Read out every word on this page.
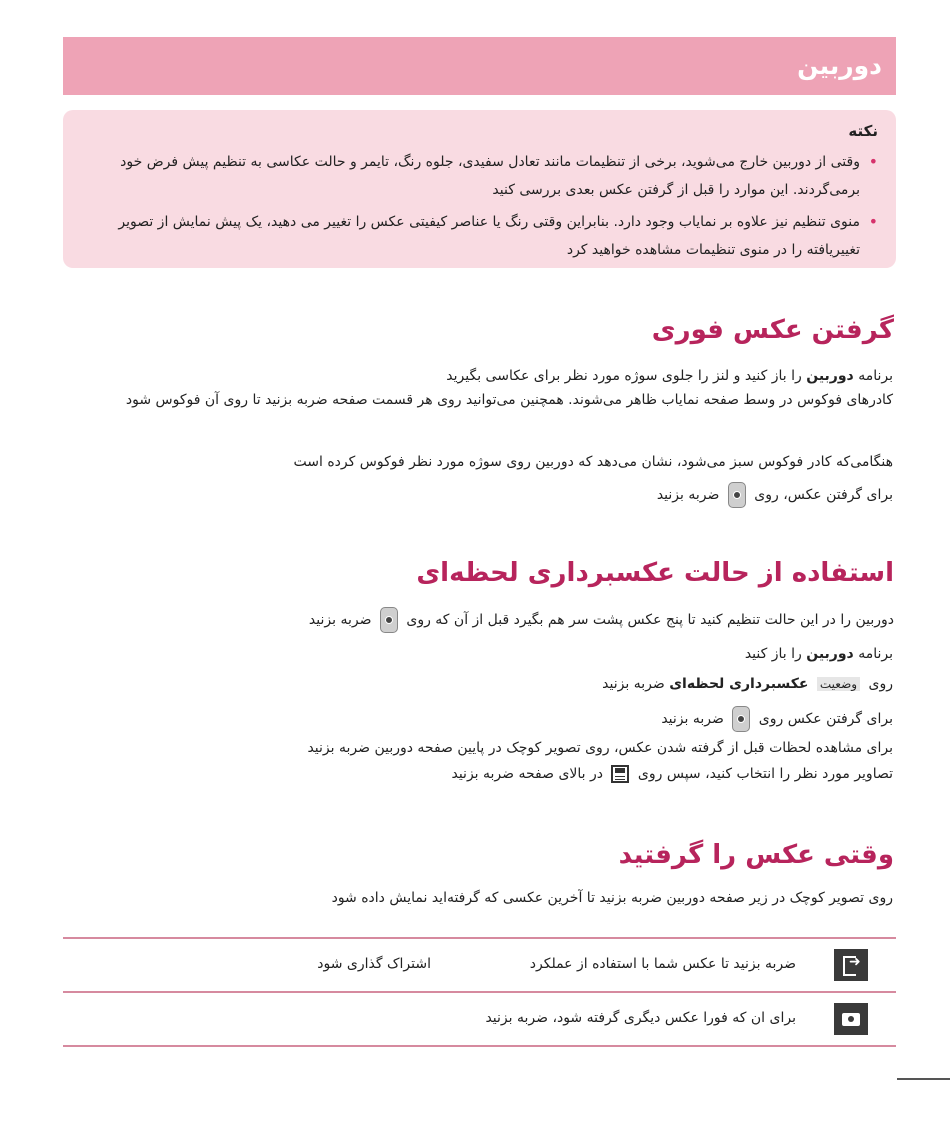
دوربین
نکته
•
وقتی از دوربین خارج می‌شوید، برخی از تنظیمات مانند تعادل سفیدی، جلوه رنگ، تایمر و حالت عکاسی به تنظیم پیش فرض خود برمی‌گردند. این موارد را قبل از گرفتن عکس بعدی بررسی کنید
•
منوی تنظیم نیز علاوه بر نمایاب وجود دارد. بنابراین وقتی رنگ یا عناصر کیفیتی عکس را تغییر می دهید، یک پیش نمایش از تصویر تغییریافته را در منوی تنظیمات مشاهده خواهید کرد
گرفتن عکس فوری
برنامه دوربین را باز کنید و لنز را جلوی سوژه مورد نظر برای عکاسی بگیرید
کادرهای فوکوس در وسط صفحه نمایاب ظاهر می‌شوند. همچنین می‌توانید روی هر قسمت صفحه ضربه بزنید تا روی آن فوکوس شود
هنگامی‌که کادر فوکوس سبز می‌شود، نشان می‌دهد که دوربین روی سوژه مورد نظر فوکوس کرده است
برای گرفتن عکس، روی  ضربه بزنید
استفاده از حالت عکسبرداری لحظه‌ای
دوربین را در این حالت تنظیم کنید تا پنج عکس پشت سر هم بگیرد قبل از آن که روی  ضربه بزنید
برنامه دوربین را باز کنید
روی وضعیت عکسبرداری لحظه‌ای ضربه بزنید
برای گرفتن عکس روی  ضربه بزنید
برای مشاهده لحظات قبل از گرفته شدن عکس، روی تصویر کوچک در پایین صفحه دوربین ضربه بزنید
تصاویر مورد نظر را انتخاب کنید، سپس روی  در بالای صفحه ضربه بزنید
وقتی عکس را گرفتید
روی تصویر کوچک در زیر صفحه دوربین ضربه بزنید تا آخرین عکسی که گرفته‌اید نمایش داده شود
➜
ضربه بزنید تا عکس شما با استفاده از عملکرد
اشتراک گذاری شود
برای ان که فورا عکس دیگری گرفته شود، ضربه بزنید
